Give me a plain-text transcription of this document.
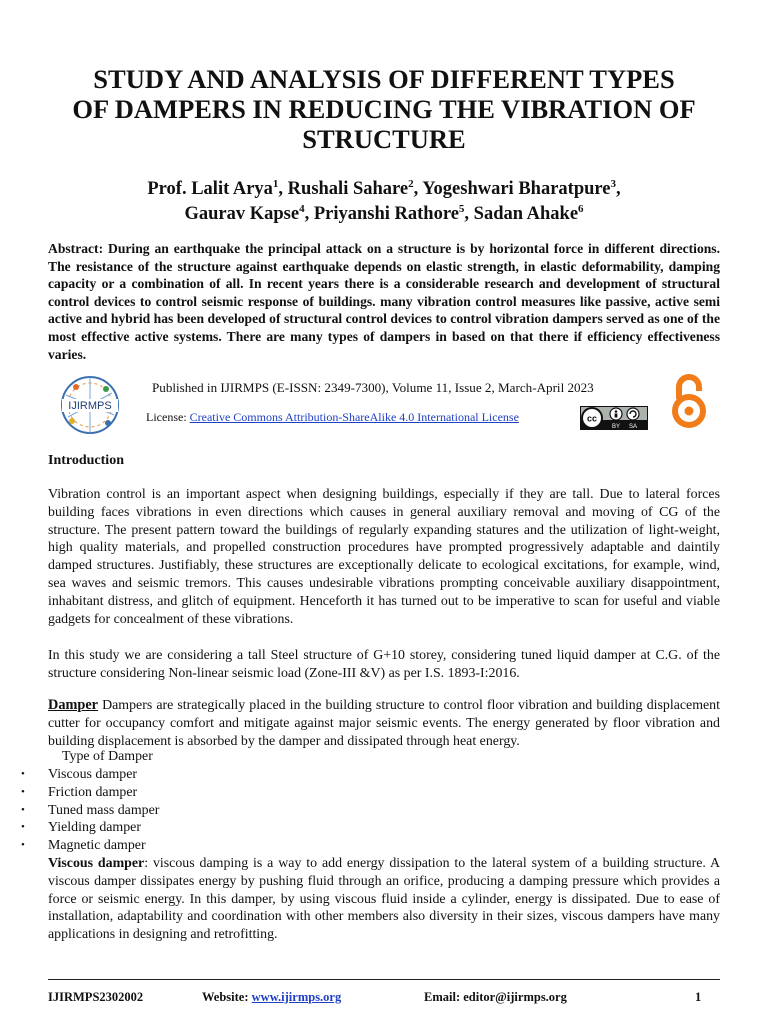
STUDY AND ANALYSIS OF DIFFERENT TYPES
OF DAMPERS IN REDUCING THE VIBRATION OF
STRUCTURE
Prof. Lalit Arya$^1$, Rushali Sahare$^2$, Yogeshwari Bharatpure$^3$,
Gaurav Kapse$^4$, Priyanshi Rathore$^5$, Sadan Ahake$^6$

Abstract: During an earthquake the principal attack on a structure is by horizontal force in different directions. The resistance of the structure against earthquake depends on elastic strength, in elastic deformability, damping capacity or a combination of all. In recent years there is a considerable research and development of structural control devices to control seismic response of buildings. many vibration control measures like passive, active semi active and hybrid has been developed of structural control devices to control vibration dampers served as one of the most effective active systems. There are many types of dampers in based on that there if efficiency effectiveness varies.

IJIRMPS
Published in IJIRMPS (E-ISSN: 2349-7300), Volume 11, Issue 2, March-April 2023
License: Creative Commons Attribution-ShareAlike 4.0 International License	cc
BY SA
Introduction

Vibration control is an important aspect when designing buildings, especially if they are tall. Due to lateral forces building faces vibrations in even directions which causes in general auxiliary removal and moving of CG of the structure. The present pattern toward the buildings of regularly expanding statures and the utilization of light-weight, high quality materials, and propelled construction procedures have prompted progressively adaptable and daintily damped structures. Justifiably, these structures are exceptionally delicate to ecological excitations, for example, wind, sea waves and seismic tremors. This causes undesirable vibrations prompting conceivable auxiliary disappointment, inhabitant distress, and glitch of equipment. Henceforth it has turned out to be imperative to scan for useful and viable gadgets for concealment of these vibrations.

In this study we are considering a tall Steel structure of G+10 storey, considering tuned liquid damper at C.G. of the structure considering Non-linear seismic load (Zone-III &V) as per I.S. 1893-I:2016.

Damper Dampers are strategically placed in the building structure to control floor vibration and building displacement cutter for occupancy comfort and mitigate against major seismic events. The energy generated by floor vibration and building displacement is absorbed by the damper and dissipated through heat energy.

Type of Damper
• Viscous damper
• Friction damper
• Tuned mass damper
• Yielding damper
• Magnetic damper

Viscous damper: viscous damping is a way to add energy dissipation to the lateral system of a building structure. A viscous damper dissipates energy by pushing fluid through an orifice, producing a damping pressure which provides a force or seismic energy. In this damper, by using viscous fluid inside a cylinder, energy is dissipated. Due to ease of installation, adaptability and coordination with other members also diversity in their sizes, viscous dampers have many applications in designing and retrofitting.

IJIRMPS2302002	Website: www.ijirmps.org	Email: editor@ijirmps.org	1
